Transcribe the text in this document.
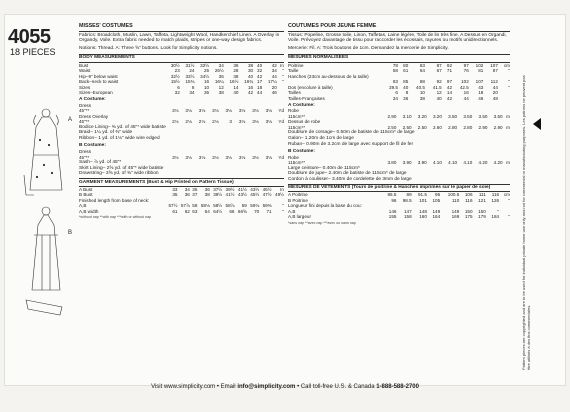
4055
18 PIECES
A
B
MISSES' COSTUMES
Fabrics: Broadcloth, Muslin, Lawn, Taffeta, Lightweight Wool, Handkerchief Linen. A Overlay in Organdy, Voile. Extra fabric needed to match plaids, stripes or one-way design fabrics.
Notions: Thread. A: Three ⅝" buttons. Look for Simplicity notions.
BODY MEASUREMENTS
Bust	30½	31½	32½	34	36	38	40	42	In
Waist	23	24	25	26½	28	30	32	34	"
Hip–9" below waist	32½	33½	34½	36	38	40	42	44	"
Back–neck to waist	15½	15¾	16	16¼	16½	16¾	17	17¼	"
Sizes	6	8	10	12	14	16	18	20	
Sizes–European	32	34	36	38	40	42	44	46	
A Costume:
Dress									
45"**	3⅛	3⅛	3⅛	3⅛	3⅛	3⅛	3⅛	3⅛	Yd
Dress Overlay									
45"**	2⅛	2⅛	2⅛	2⅛	3	3⅛	3⅛	3⅛	Yd
Bodice Lining– ⅜ yd. of 45"* wide batiste
Braid– 1¼ yd. of ⅜" wide
Ribbon– 1 yd. of 1⅛" wide wire edged
B Costume:
Dress
45"**	3⅛	3⅛	3⅛	3⅛	3⅛	3⅛	3⅛	3⅛	Yd
Sash– ⅞ yd. of 45"*
Skirt Lining– 2⅝ yd. of 45"* wide batiste
Drawstring– 3⅝ yd. of ⅜" wide ribbon
GARMENT MEASUREMENTS (Bust & Hip Printed on Pattern Tissue)
A Bust	33	34	35	36	37½	39½	41½	43½	45½	In
B Bust	35	36	37	38	39½	41½	43½	45½	47½	49½
Finished length from base of neck:										
A,B	57½	57⅞	58	58⅛	58½	58⅞	59	59⅛	59⅜	"
A,B width	61	62	63	64	64½	66	66⅝	70	71	"
*without nap **with nap ***with or without nap
COUTUMES POUR JEUNE FEMME
Tissus: Popeline, Grosse toile, Linon, Taffetas, Laine légère, Toile de lin très fine. A Dessus en Organdi, Voile. Prévoyez davantage de tissu pour raccorder les écossais, rayures ou motifs unidirectionnels.
Mercerie: Fil. A: Trois boutons de 1cm. Demandez la mercerie de Simplicity.
MESURES NORMALISEES
Poitrine	78	80	83	87	92	97	102	107	cm
Taille	58	61	64	67	71	76	81	87	"
Hanches (23cm au-dessous de la taille)									
	83	85	88	92	97	102	107	112	"
Dos (encolure à taille)	39.5	40	40.5	41.5	42	42.5	43	44	"
Tailles	6	8	10	12	14	16	18	20	
Tailles-Françaises	34	36	38	40	42	44	46	48	
A Costume:
Robe									
115cm**	2.90	3.10	3.20	3.20	3.50	3.50	3.50	3.50	m
Dessus de robe									
115cm**	2.50	2.50	2.50	2.60	2.80	2.80	2.90	2.90	m
Doublure de corsage– 0.50m de batiste de 115cm* de large
Galon– 1.20m de 1cm de large
Ruban– 0.90m de 3.2cm de large avec support de fil de fer
B Costume:
Robe
115cm**	3.80	3.90	3.90	4.10	4.10	4.10	4.20	4.20	m
Large ceinture– 0.40m de 115cm*
Doublure de jupe– 2.40m de batiste de 115cm* de large
Cordon à coulisser– 3.40m de cordelette de 3mm de large
MESURES DE VETEMENTS (Tours de poitrine & Hanches imprimés sur le papier de soie)
A Poitrine	86.5	89	91.5	95	100.5	106	111	116	cm
B Poitrine	96	98.5	101	105	110	116	121	126	"
Longueur fini depuis la base du cou:									
A,B	146	147	148	149	149	150	150	"	
A,B largeur	155	158	160	164	169	175	179	184	"
*sans nap **avec nap ***avec ou sans nap	Pattern pieces are copyrighted and are to be used for individual private home use only and not for commercial or manufacturing purposes. Les patrons ne peuvent pas être utilisés à des fins commerciales.
Visit www.simplicity.com • Email info@simplicity.com • Call toll-free U.S. & Canada 1-888-588-2700
